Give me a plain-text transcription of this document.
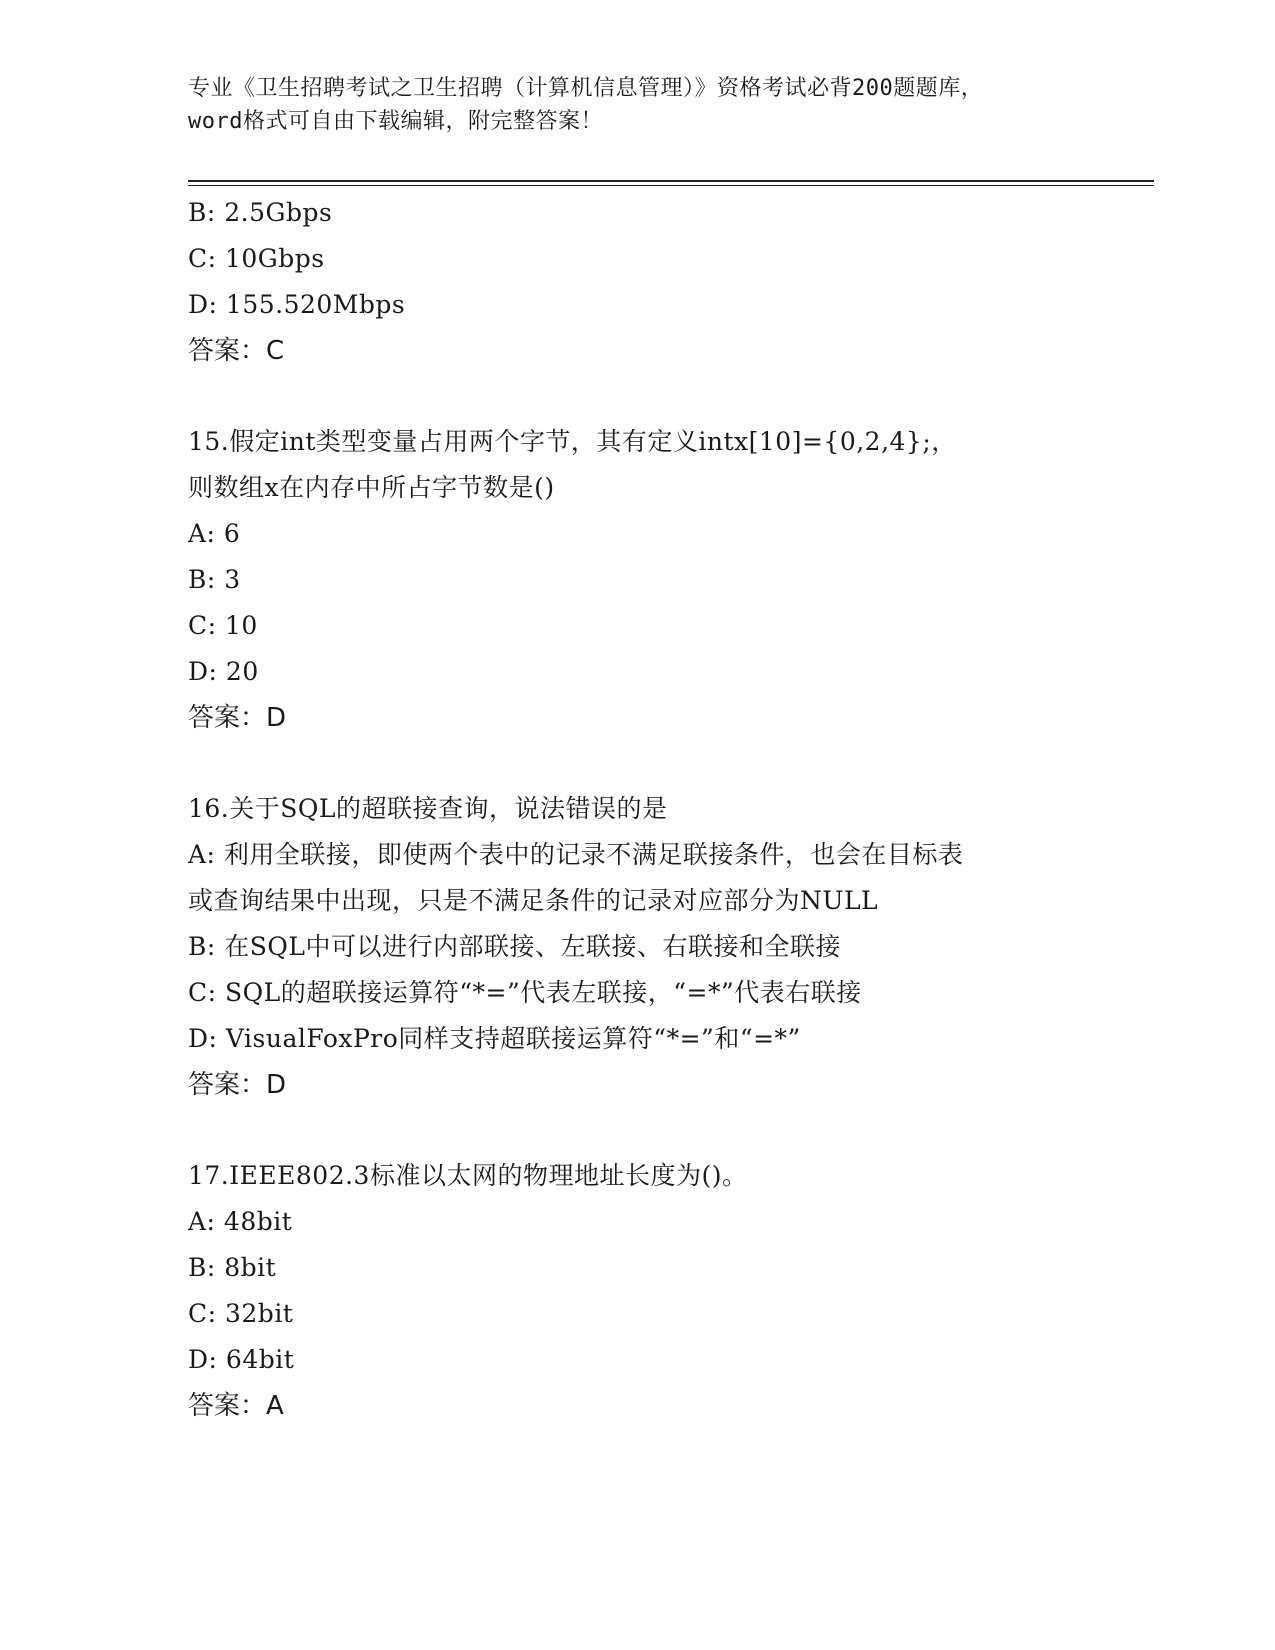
专业《卫生招聘考试之卫生招聘（计算机信息管理）》资格考试必背200题题库，

word格式可自由下载编辑，附完整答案！

B: 2.5Gbps

C: 10Gbps

D: 155.520Mbps

答案：C

15.假定int类型变量占用两个字节，其有定义intx[10]={0,2,4};，

则数组x在内存中所占字节数是()

A: 6

B: 3

C: 10

D: 20

答案：D

16.关于SQL的超联接查询，说法错误的是

A: 利用全联接，即使两个表中的记录不满足联接条件，也会在目标表

或查询结果中出现，只是不满足条件的记录对应部分为NULL

B: 在SQL中可以进行内部联接、左联接、右联接和全联接

C: SQL的超联接运算符“*=”代表左联接，“=*”代表右联接

D: VisualFoxPro同样支持超联接运算符“*=”和“=*”

答案：D

17.IEEE802.3标准以太网的物理地址长度为()。

A: 48bit

B: 8bit

C: 32bit

D: 64bit

答案：A
